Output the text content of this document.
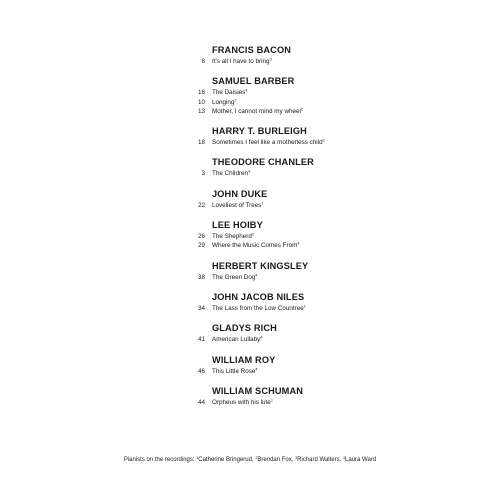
FRANCIS BACON
8 It's all I have to bring$^3$
SAMUEL BARBER
16 The Daisies$^4$
10 Longing$^2$
13 Mother, I cannot mind my wheel$^2$
HARRY T. BURLEIGH
18 Sometimes I feel like a motherless child$^2$
THEODORE CHANLER
3 The Children$^4$
JOHN DUKE
22 Loveliest of Trees$^1$
LEE HOIBY
26 The Shepherd$^2$
29 Where the Music Comes From$^4$
HERBERT KINGSLEY
38 The Green Dog$^4$
JOHN JACOB NILES
34 The Lass from the Low Countree$^1$
GLADYS RICH
41 American Lullaby$^4$
WILLIAM ROY
46 This Little Rose$^4$
WILLIAM SCHUMAN
44 Orpheus with his lute$^1$
Pianists on the recordings: $^1$Catherine Bringerud, $^2$Brendan Fox, $^3$Richard Walters, $^4$Laura Ward
